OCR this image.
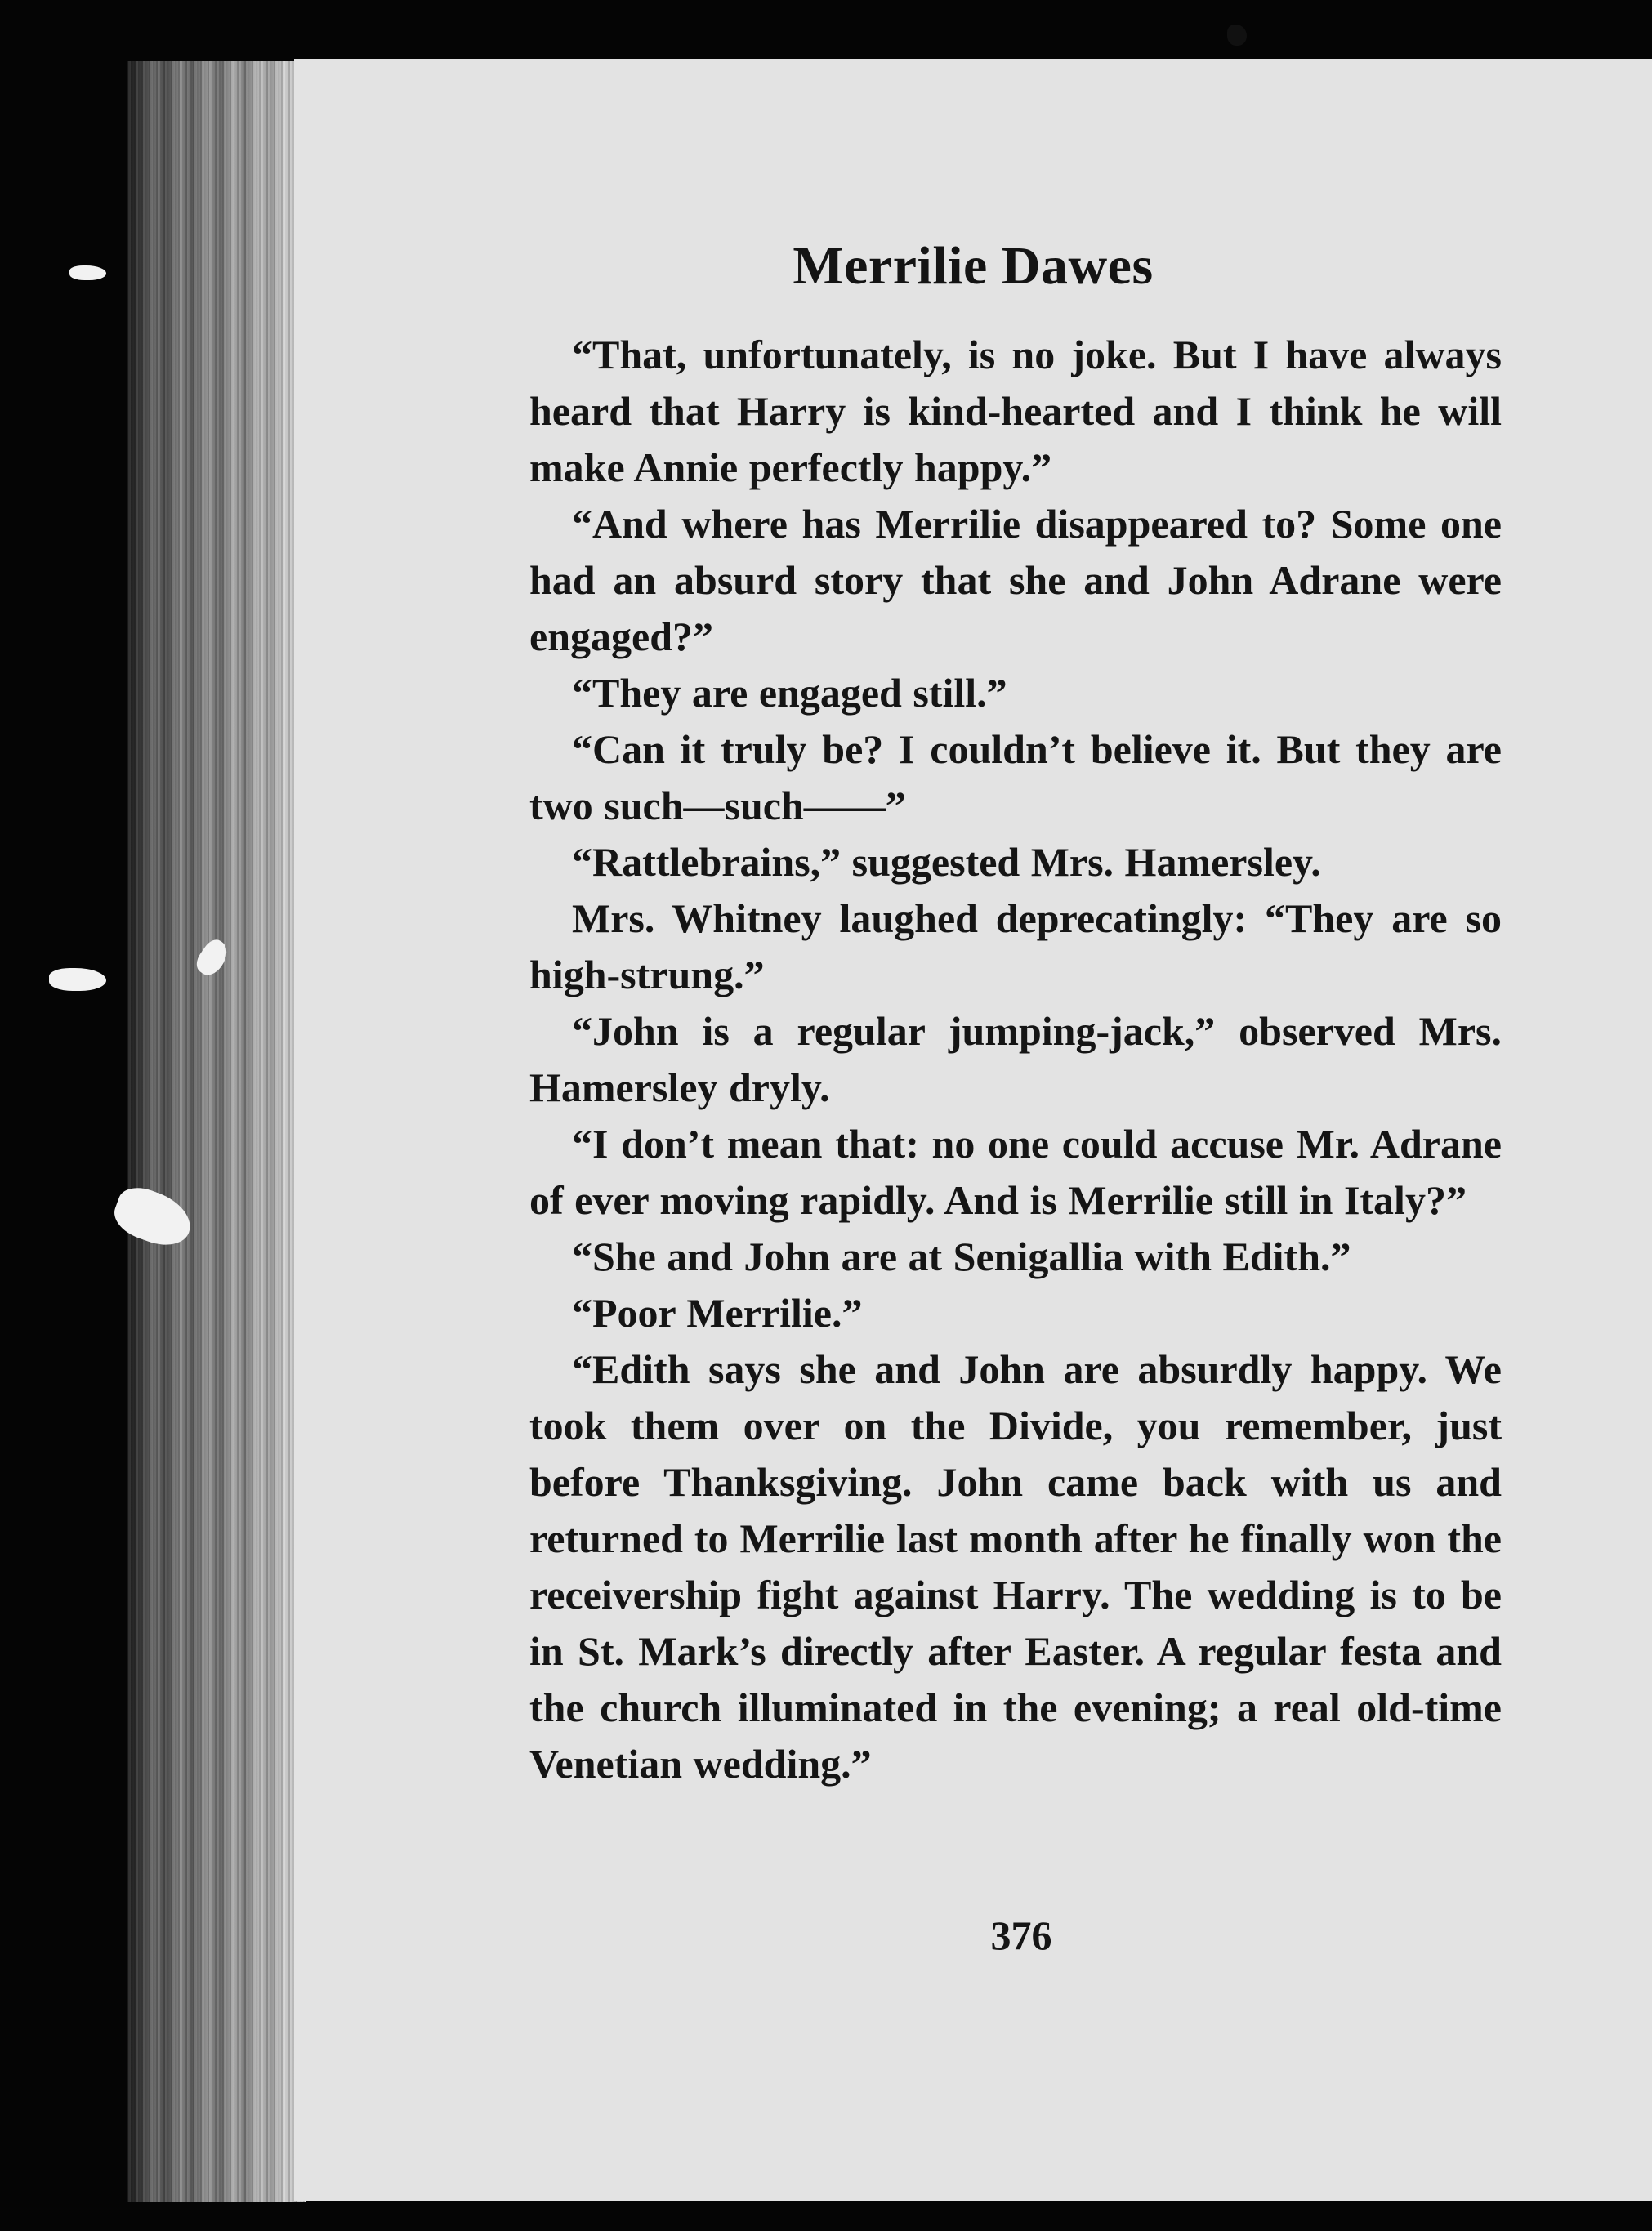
Merrilie Dawes

“That, unfortunately, is no joke. But I have always heard that Harry is kind-hearted and I think he will make Annie perfectly happy.”

“And where has Merrilie disappeared to? Some one had an absurd story that she and John Adrane were engaged?”

“They are engaged still.”

“Can it truly be? I couldn’t believe it. But they are two such—such——”

“Rattlebrains,” suggested Mrs. Hamersley.

Mrs. Whitney laughed deprecatingly: “They are so high-strung.”

“John is a regular jumping-jack,” observed Mrs. Hamersley dryly.

“I don’t mean that: no one could accuse Mr. Adrane of ever moving rapidly. And is Merrilie still in Italy?”

“She and John are at Senigallia with Edith.”

“Poor Merrilie.”

“Edith says she and John are absurdly happy. We took them over on the Divide, you remember, just before Thanksgiving. John came back with us and returned to Merrilie last month after he finally won the receivership fight against Harry. The wedding is to be in St. Mark’s directly after Easter. A regular festa and the church illuminated in the evening; a real old-time Venetian wedding.”

376
